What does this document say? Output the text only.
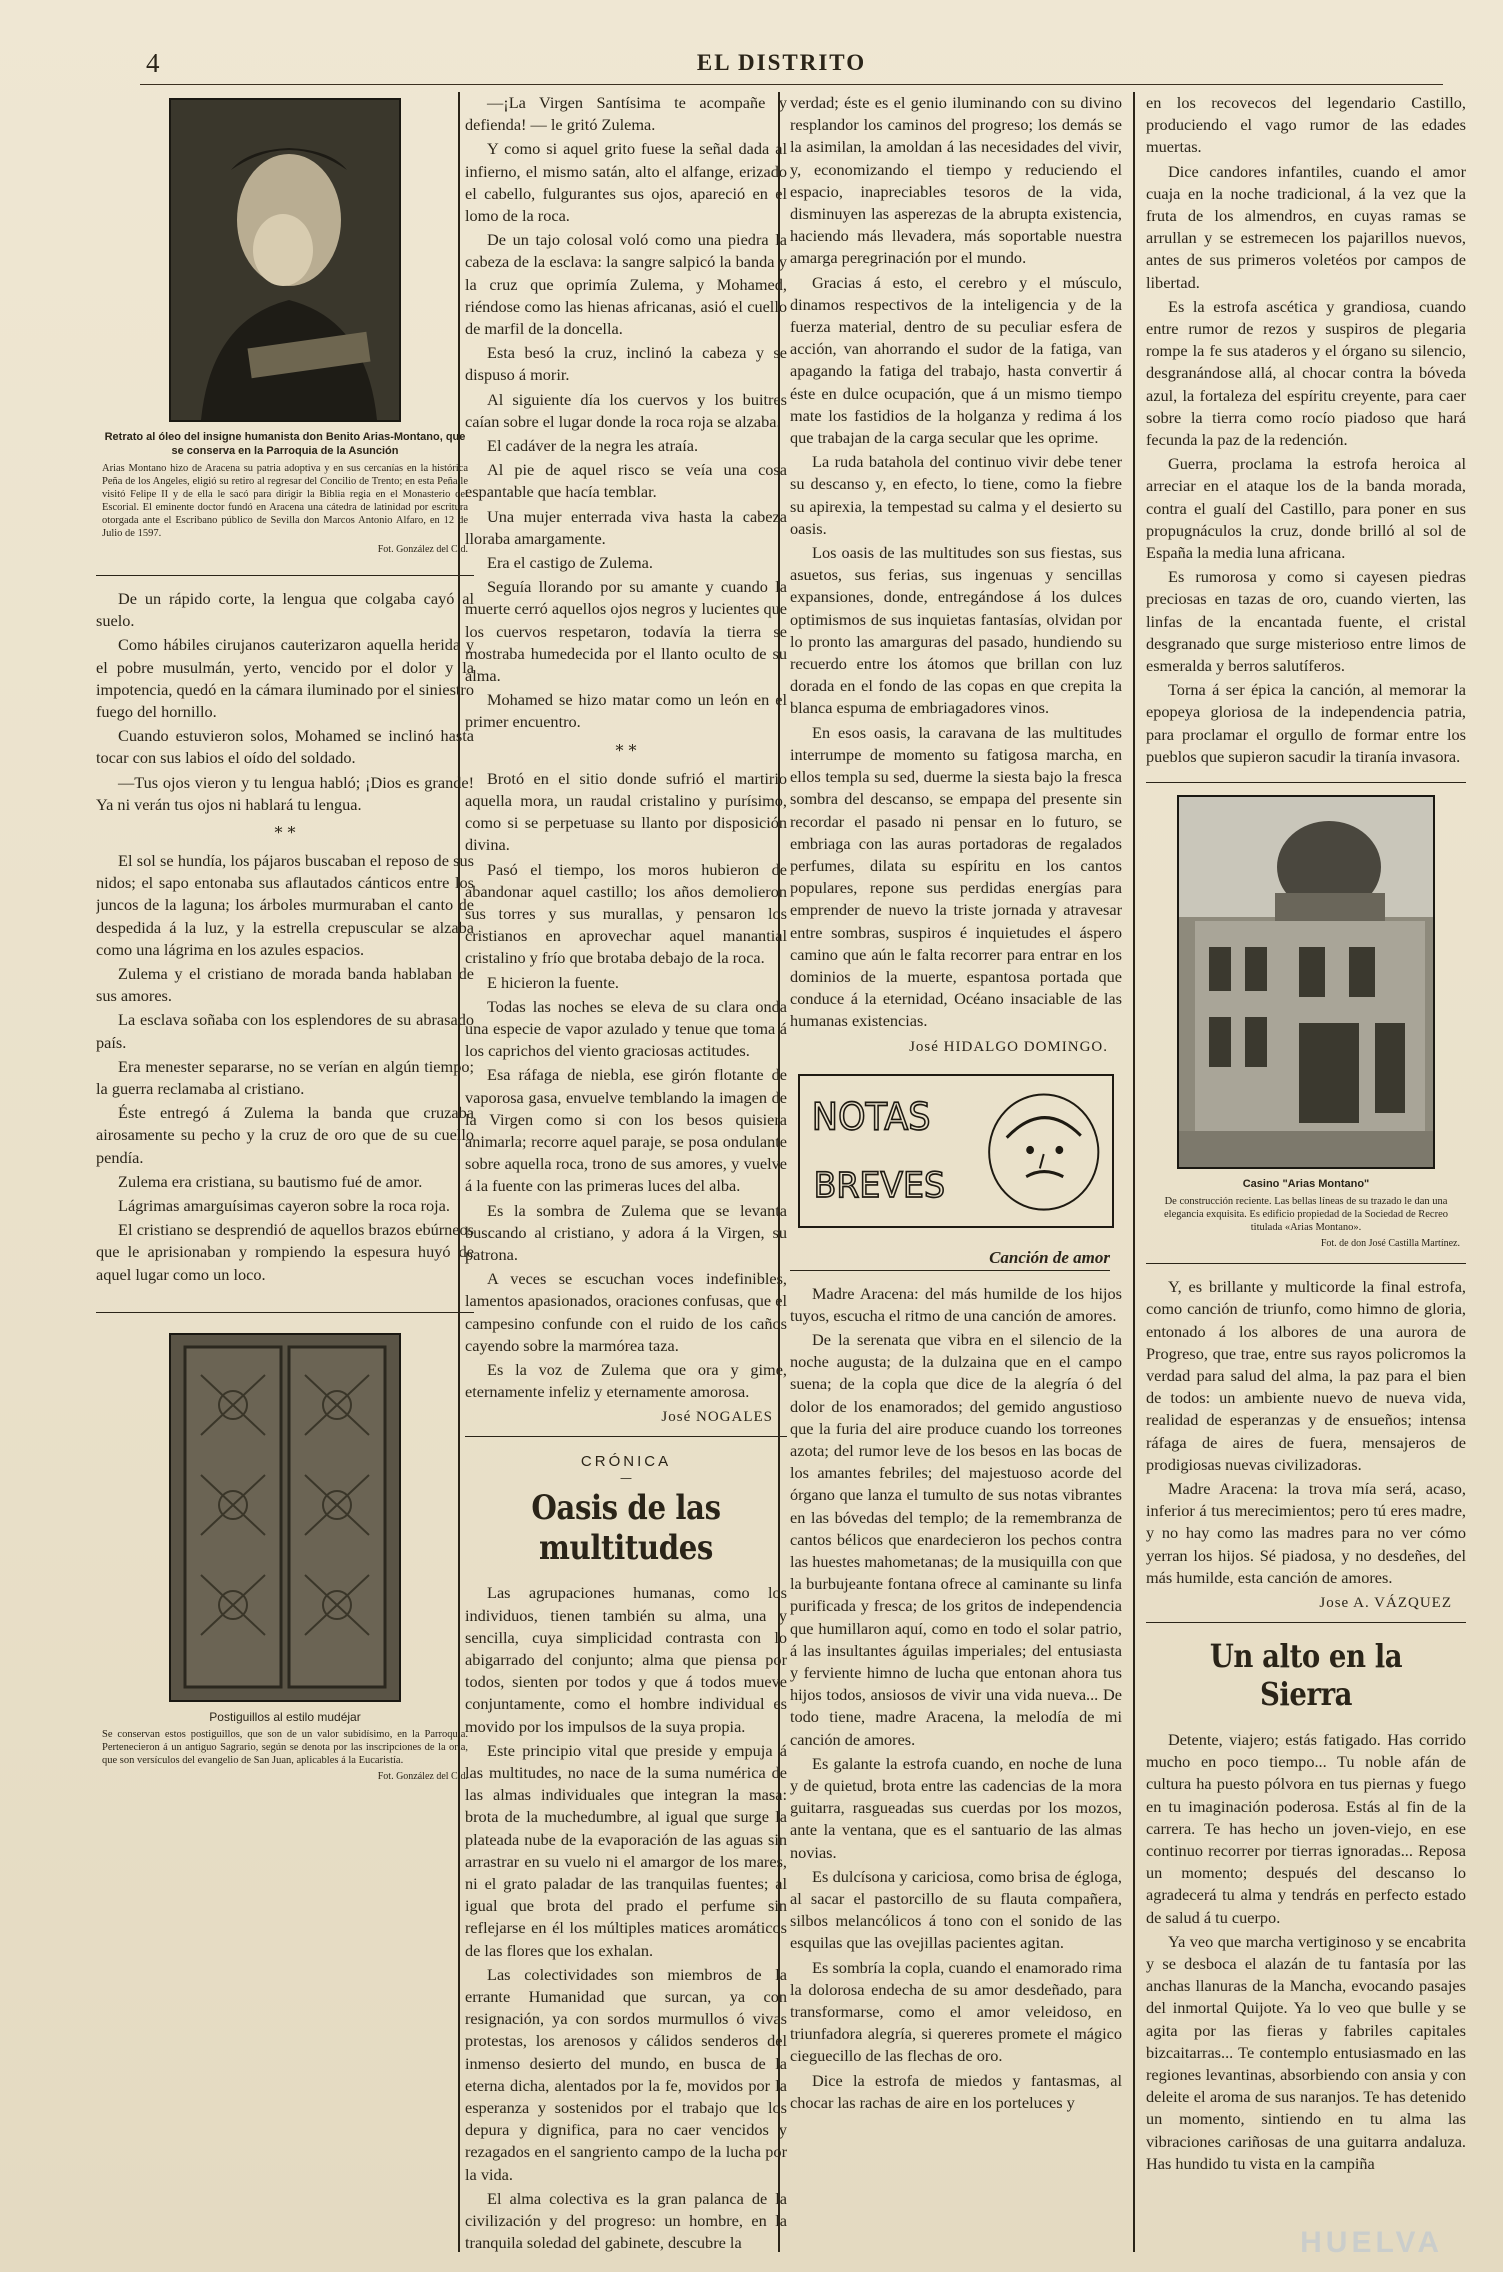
4	EL DISTRITO
Retrato al óleo del insigne humanista don Benito Arias-Montano, que se conserva en la Parroquia de la Asunción
Arias Montano hizo de Aracena su patria adoptiva y en sus cercanías en la histórica Peña de los Angeles, eligió su retiro al regresar del Concilio de Trento; en esta Peña le visitó Felipe II y de ella le sacó para dirigir la Biblia regia en el Monasterio del Escorial. El eminente doctor fundó en Aracena una cátedra de latinidad por escritura otorgada ante el Escribano público de Sevilla don Marcos Antonio Alfaro, en 12 de Julio de 1597.
Fot. González del Cid.

De un rápido corte, la lengua que colgaba cayó al suelo.

Como hábiles cirujanos cauterizaron aquella herida y el pobre musulmán, yerto, vencido por el dolor y la impotencia, quedó en la cámara iluminado por el siniestro fuego del hornillo.

Cuando estuvieron solos, Mohamed se inclinó hasta tocar con sus labios el oído del soldado.

—Tus ojos vieron y tu lengua habló; ¡Dios es grande! Ya ni verán tus ojos ni hablará tu lengua.

* *

El sol se hundía, los pájaros buscaban el reposo de sus nidos; el sapo entonaba sus aflautados cánticos entre los juncos de la laguna; los árboles murmuraban el canto de despedida á la luz, y la estrella crepuscular se alzaba como una lágrima en los azules espacios.

Zulema y el cristiano de morada banda hablaban de sus amores.

La esclava soñaba con los esplendores de su abrasado país.

Era menester separarse, no se verían en algún tiempo; la guerra reclamaba al cristiano.

Éste entregó á Zulema la banda que cruzaba airosamente su pecho y la cruz de oro que de su cuello pendía.

Zulema era cristiana, su bautismo fué de amor.

Lágrimas amarguísimas cayeron sobre la roca roja.

El cristiano se desprendió de aquellos brazos ebúrneos que le aprisionaban y rompiendo la espesura huyó de aquel lugar como un loco.

Postiguillos al estilo mudéjar
Se conservan estos postiguillos, que son de un valor subidísimo, en la Parroquia. Pertenecieron á un antiguo Sagrario, según se denota por las inscripciones de la orla, que son versículos del evangelio de San Juan, aplicables á la Eucaristía.
Fot. González del Cid.

—¡La Virgen Santísima te acompañe y defienda! — le gritó Zulema.

Y como si aquel grito fuese la señal dada al infierno, el mismo satán, alto el alfange, erizado el cabello, fulgurantes sus ojos, apareció en el lomo de la roca.

De un tajo colosal voló como una piedra la cabeza de la esclava: la sangre salpicó la banda y la cruz que oprimía Zulema, y Mohamed, riéndose como las hienas africanas, asió el cuello de marfil de la doncella.

Esta besó la cruz, inclinó la cabeza y se dispuso á morir.

Al siguiente día los cuervos y los buitres caían sobre el lugar donde la roca roja se alzaba.

El cadáver de la negra les atraía.

Al pie de aquel risco se veía una cosa espantable que hacía temblar.

Una mujer enterrada viva hasta la cabeza lloraba amargamente.

Era el castigo de Zulema.

Seguía llorando por su amante y cuando la muerte cerró aquellos ojos negros y lucientes que los cuervos respetaron, todavía la tierra se mostraba humedecida por el llanto oculto de su alma.

Mohamed se hizo matar como un león en el primer encuentro.

* *

Brotó en el sitio donde sufrió el martirio aquella mora, un raudal cristalino y purísimo, como si se perpetuase su llanto por disposición divina.

Pasó el tiempo, los moros hubieron de abandonar aquel castillo; los años demolieron sus torres y sus murallas, y pensaron los cristianos en aprovechar aquel manantial cristalino y frío que brotaba debajo de la roca.

E hicieron la fuente.

Todas las noches se eleva de su clara onda una especie de vapor azulado y tenue que toma á los caprichos del viento graciosas actitudes.

Esa ráfaga de niebla, ese girón flotante de vaporosa gasa, envuelve temblando la imagen de la Virgen como si con los besos quisiera animarla; recorre aquel paraje, se posa ondulante sobre aquella roca, trono de sus amores, y vuelve á la fuente con las primeras luces del alba.

Es la sombra de Zulema que se levanta buscando al cristiano, y adora á la Virgen, su patrona.

A veces se escuchan voces indefinibles, lamentos apasionados, oraciones confusas, que el campesino confunde con el ruido de los caños cayendo sobre la marmórea taza.

Es la voz de Zulema que ora y gime, eternamente infeliz y eternamente amorosa.

José NOGALES
CRÓNICA
—
Oasis de las multitudes

Las agrupaciones humanas, como los individuos, tienen también su alma, una y sencilla, cuya simplicidad contrasta con lo abigarrado del conjunto; alma que piensa por todos, sienten por todos y que á todos mueve conjuntamente, como el hombre individual es movido por los impulsos de la suya propia.

Este principio vital que preside y empuja á las multitudes, no nace de la suma numérica de las almas individuales que integran la masa: brota de la muchedumbre, al igual que surge la plateada nube de la evaporación de las aguas sin arrastrar en su vuelo ni el amargor de los mares, ni el grato paladar de las tranquilas fuentes; al igual que brota del prado el perfume sin reflejarse en él los múltiples matices aromáticos de las flores que los exhalan.

Las colectividades son miembros de la errante Humanidad que surcan, ya con resignación, ya con sordos murmullos ó vivas protestas, los arenosos y cálidos senderos del inmenso desierto del mundo, en busca de la eterna dicha, alentados por la fe, movidos por la esperanza y sostenidos por el trabajo que los depura y dignifica, para no caer vencidos y rezagados en el sangriento campo de la lucha por la vida.

El alma colectiva es la gran palanca de la civilización y del progreso: un hombre, en la tranquila soledad del gabinete, descubre la

verdad; éste es el genio iluminando con su divino resplandor los caminos del progreso; los demás se la asimilan, la amoldan á las necesidades del vivir, y, economizando el tiempo y reduciendo el espacio, inapreciables tesoros de la vida, disminuyen las asperezas de la abrupta existencia, haciendo más llevadera, más soportable nuestra amarga peregrinación por el mundo.

Gracias á esto, el cerebro y el músculo, dinamos respectivos de la inteligencia y de la fuerza material, dentro de su peculiar esfera de acción, van ahorrando el sudor de la fatiga, van apagando la fatiga del trabajo, hasta convertir á éste en dulce ocupación, que á un mismo tiempo mate los fastidios de la holganza y redima á los que trabajan de la carga secular que les oprime.

La ruda batahola del continuo vivir debe tener su descanso y, en efecto, lo tiene, como la fiebre su apirexia, la tempestad su calma y el desierto su oasis.

Los oasis de las multitudes son sus fiestas, sus asuetos, sus ferias, sus ingenuas y sencillas expansiones, donde, entregándose á los dulces optimismos de sus inquietas fantasías, olvidan por lo pronto las amarguras del pasado, hundiendo su recuerdo entre los átomos que brillan con luz dorada en el fondo de las copas en que crepita la blanca espuma de embriagadores vinos.

En esos oasis, la caravana de las multitudes interrumpe de momento su fatigosa marcha, en ellos templa su sed, duerme la siesta bajo la fresca sombra del descanso, se empapa del presente sin recordar el pasado ni pensar en lo futuro, se embriaga con las auras portadoras de regalados perfumes, dilata su espíritu en los cantos populares, repone sus perdidas energías para emprender de nuevo la triste jornada y atravesar entre sombras, suspiros é inquietudes el áspero camino que aún le falta recorrer para entrar en los dominios de la muerte, espantosa portada que conduce á la eternidad, Océano insaciable de las humanas existencias.

José HIDALGO DOMINGO.
NOTAS
BREVES
Canción de amor

Madre Aracena: del más humilde de los hijos tuyos, escucha el ritmo de una canción de amores.

De la serenata que vibra en el silencio de la noche augusta; de la dulzaina que en el campo suena; de la copla que dice de la alegría ó del dolor de los enamorados; del gemido angustioso que la furia del aire produce cuando los torreones azota; del rumor leve de los besos en las bocas de los amantes febriles; del majestuoso acorde del órgano que lanza el tumulto de sus notas vibrantes en las bóvedas del templo; de la remembranza de cantos bélicos que enardecieron los pechos contra las huestes mahometanas; de la musiquilla con que la burbujeante fontana ofrece al caminante su linfa purificada y fresca; de los gritos de independencia que humillaron aquí, como en todo el solar patrio, á las insultantes águilas imperiales; del entusiasta y ferviente himno de lucha que entonan ahora tus hijos todos, ansiosos de vivir una vida nueva... De todo tiene, madre Aracena, la melodía de mi canción de amores.

Es galante la estrofa cuando, en noche de luna y de quietud, brota entre las cadencias de la mora guitarra, rasgueadas sus cuerdas por los mozos, ante la ventana, que es el santuario de las almas novias.

Es dulcísona y cariciosa, como brisa de égloga, al sacar el pastorcillo de su flauta compañera, silbos melancólicos á tono con el sonido de las esquilas que las ovejillas pacientes agitan.

Es sombría la copla, cuando el enamorado rima la dolorosa endecha de su amor desdeñado, para transformarse, como el amor veleidoso, en triunfadora alegría, si quereres promete el mágico cieguecillo de las flechas de oro.

Dice la estrofa de miedos y fantasmas, al chocar las rachas de aire en los porteluces y

en los recovecos del legendario Castillo, produciendo el vago rumor de las edades muertas.

Dice candores infantiles, cuando el amor cuaja en la noche tradicional, á la vez que la fruta de los almendros, en cuyas ramas se arrullan y se estremecen los pajarillos nuevos, antes de sus primeros voletéos por campos de libertad.

Es la estrofa ascética y grandiosa, cuando entre rumor de rezos y suspiros de plegaria rompe la fe sus ataderos y el órgano su silencio, desgranándose allá, al chocar contra la bóveda azul, la fortaleza del espíritu creyente, para caer sobre la tierra como rocío piadoso que hará fecunda la paz de la redención.

Guerra, proclama la estrofa heroica al arreciar en el ataque los de la banda morada, contra el gualí del Castillo, para poner en sus propugnáculos la cruz, donde brilló al sol de España la media luna africana.

Es rumorosa y como si cayesen piedras preciosas en tazas de oro, cuando vierten, las linfas de la encantada fuente, el cristal desgranado que surge misterioso entre limos de esmeralda y berros salutíferos.

Torna á ser épica la canción, al memorar la epopeya gloriosa de la independencia patria, para proclamar el orgullo de formar entre los pueblos que supieron sacudir la tiranía invasora.

Casino "Arias Montano"
De construcción reciente. Las bellas líneas de su trazado le dan una elegancia exquisita. Es edificio propiedad de la Sociedad de Recreo titulada «Arias Montano».
Fot. de don José Castilla Martínez.

Y, es brillante y multicorde la final estrofa, como canción de triunfo, como himno de gloria, entonado á los albores de una aurora de Progreso, que trae, entre sus rayos policromos la verdad para salud del alma, la paz para el bien de todos: un ambiente nuevo de nueva vida, realidad de esperanzas y de ensueños; intensa ráfaga de aires de fuera, mensajeros de prodigiosas nuevas civilizadoras.

Madre Aracena: la trova mía será, acaso, inferior á tus merecimientos; pero tú eres madre, y no hay como las madres para no ver cómo yerran los hijos. Sé piadosa, y no desdeñes, del más humilde, esta canción de amores.

Jose A. VÁZQUEZ
Un alto en la Sierra

Detente, viajero; estás fatigado. Has corrido mucho en poco tiempo... Tu noble afán de cultura ha puesto pólvora en tus piernas y fuego en tu imaginación poderosa. Estás al fin de la carrera. Te has hecho un joven-viejo, en ese continuo recorrer por tierras ignoradas... Reposa un momento; después del descanso lo agradecerá tu alma y tendrás en perfecto estado de salud á tu cuerpo.

Ya veo que marcha vertiginoso y se encabrita y se desboca el alazán de tu fantasía por las anchas llanuras de la Mancha, evocando pasajes del inmortal Quijote. Ya lo veo que bulle y se agita por las fieras y fabriles capitales bizcaitarras... Te contemplo entusiasmado en las regiones levantinas, absorbiendo con ansia y con deleite el aroma de sus naranjos. Te has detenido un momento, sintiendo en tu alma las vibraciones cariñosas de una guitarra andaluza. Has hundido tu vista en la campiña

HUELVA
